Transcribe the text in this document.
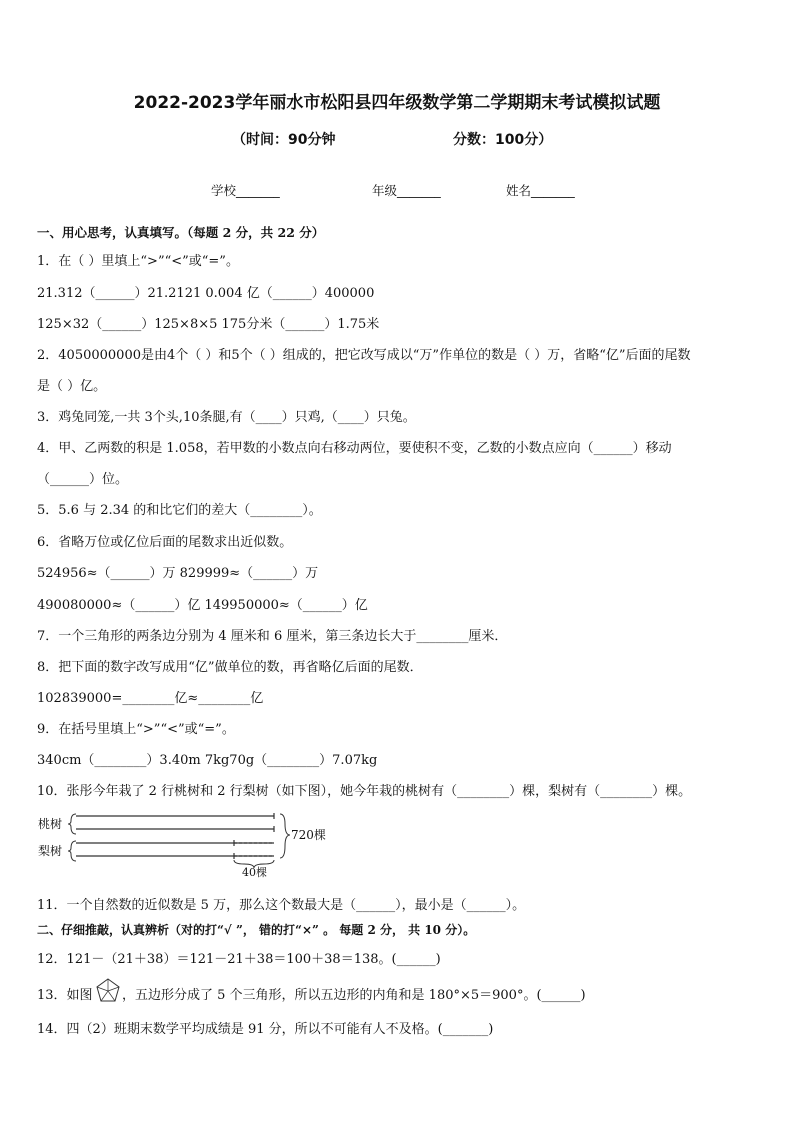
2022-2023学年丽水市松阳县四年级数学第二学期期末考试模拟试题
（时间：90分钟	分数：100分）
学校_______	年级_______	姓名_______
一、用心思考，认真填写。（每题 2 分，共 22 分）
1．在（ ）里填上“>”“<”或“=”。
21.312（______）21.2121 0.004 亿（______）400000
125×32（______）125×8×5 175分米（______）1.75米
2．4050000000是由4个（ ）和5个（ ）组成的，把它改写成以“万”作单位的数是（ ）万，省略“亿”后面的尾数
是（ ）亿。
3．鸡兔同笼,一共 3个头,10条腿,有（____）只鸡,（____）只兔。
4．甲、乙两数的积是 1.058，若甲数的小数点向右移动两位，要使积不变，乙数的小数点应向（______）移动
（______）位。
5．5.6 与 2.34 的和比它们的差大（________）。
6．省略万位或亿位后面的尾数求出近似数。
524956≈（______）万 829999≈（______）万
490080000≈（______）亿 149950000≈（______）亿
7．一个三角形的两条边分别为 4 厘米和 6 厘米，第三条边长大于________厘米．
8．把下面的数字改写成用“亿”做单位的数，再省略亿后面的尾数．
102839000=________亿≈________亿
9．在括号里填上“>”“<”或“=”。
340cm（________）3.40m 7kg70g（________）7.07kg
10．张彤今年栽了 2 行桃树和 2 行梨树（如下图），她今年栽的桃树有（________）棵，梨树有（________）棵。
桃树
梨树
720棵
40棵
11．一个自然数的近似数是 5 万，那么这个数最大是（______），最小是（______）。
二、仔细推敲，认真辨析（对的打“√ ”， 错的打“×” 。 每题 2 分， 共 10 分）。
12．121－（21＋38）＝121－21＋38＝100＋38＝138。(______)
13．如图 ，五边形分成了 5 个三角形，所以五边形的内角和是 180°×5＝900°。(______)
14．四（2）班期末数学平均成绩是 91 分，所以不可能有人不及格。(_______)
